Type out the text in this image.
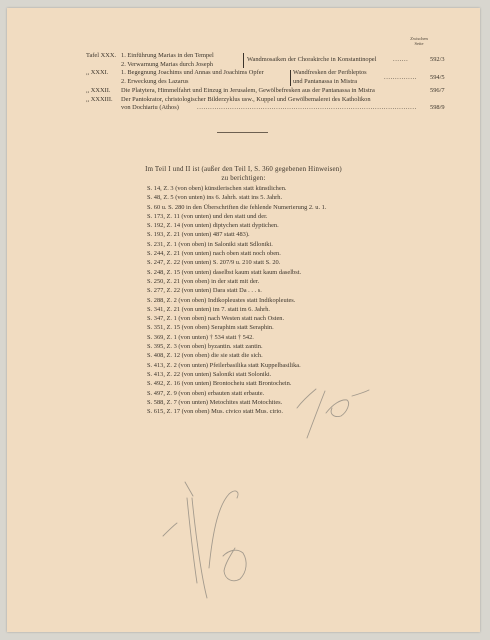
Zwischen
Seite
Tafel XXX. 1. Einführung Marias in den Tempel
2. Verwarnung Marias durch Joseph
Wandmosaiken der Chorakirche in Konstantinopel	.......	592/3
,, XXXI. 1. Begegnung Joachims und Annas und Joachims Opfer
2. Erweckung des Lazarus
Wandfresken der Peribleptos
und Pantanassa in Mistra
............... 594/5
,, XXXII. Die Platytera, Himmelfahrt und Einzug in Jerusalem, Gewölbefresken aus der Pantanassa in Mistra	596/7
,, XXXIII. Der Pantokrator, christologischer Bilderzyklus usw., Kuppel und Gewölbemalerei des Katholikon
von Dochiariu (Athos)	....................................................................................................	598/9
Im Teil I und II ist (außer den Teil I, S. 360 gegebenen Hinweisen)
zu berichtigen:
S. 14, Z. 3 (von oben) künstlerischen statt künstlichen.
S. 48, Z. 5 (von unten) ins 6. Jahrh. statt ins 5. Jahrh.
S. 60 u. S. 280 in den Überschriften die fehlende Numerierung 2. u. 1.
S. 173, Z. 11 (von unten) und den statt und der.
S. 192, Z. 14 (von unten) diptychen statt dyptichen.
S. 193, Z. 21 (von unten) 487 statt 483).
S. 231, Z. 1 (von oben) in Saloniki statt Sdloniki.
S. 244, Z. 21 (von unten) nach oben statt noch oben.
S. 247, Z. 22 (von unten) S. 207/9 u. 210 statt S. 20.
S. 248, Z. 15 (von unten) daselbst kaum statt kaum daselbst.
S. 250, Z. 21 (von oben) in der statt mit der.
S. 277, Z. 22 (von unten) Dara statt Da . . . s.
S. 288, Z. 2 (von oben) Indikopleustes statt Indikopleutes.
S. 341, Z. 21 (von unten) im 7. statt im 6. Jahrh.
S. 347, Z. 1 (von oben) nach Westen statt nach Osten.
S. 351, Z. 15 (von oben) Seraphim statt Seraphin.
S. 369, Z. 1 (von unten) † 534 statt † 542.
S. 395, Z. 3 (von oben) byzantin. statt zantin.
S. 408, Z. 12 (von oben) die sie statt die sich.
S. 413, Z. 2 (von unten) Pfeilerbasilika statt Kuppelbasilika.
S. 413, Z. 22 (von unten) Saloniki statt Soloniki.
S. 492, Z. 16 (von unten) Brontocheiu statt Brontochein.
S. 497, Z. 9 (von oben) erbauten statt erbaute.
S. 588, Z. 7 (von unten) Metochites statt Motochites.
S. 615, Z. 17 (von oben) Mus. civico statt Mus. cirio.
